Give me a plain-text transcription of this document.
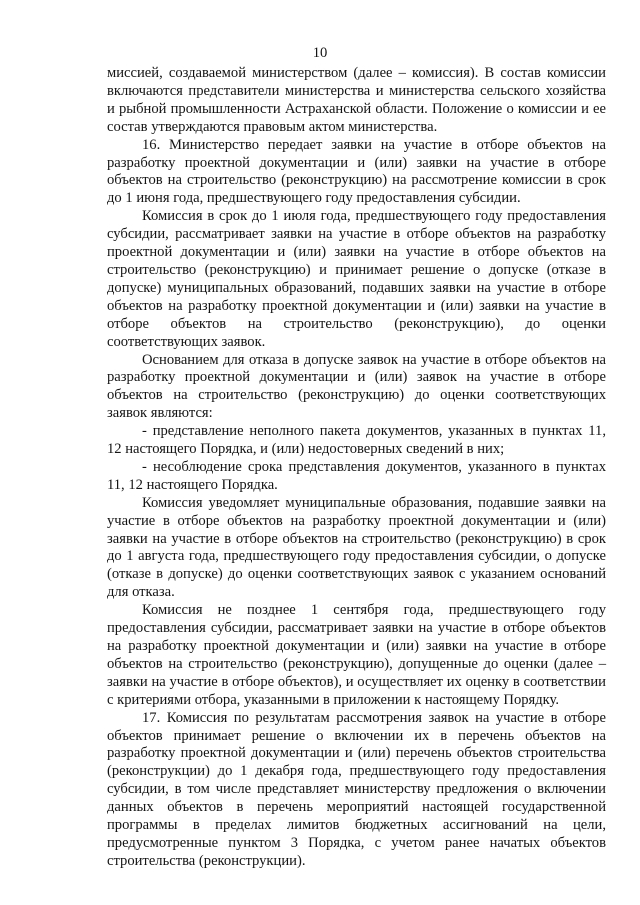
10

миссией, создаваемой министерством (далее – комиссия). В состав комиссии включаются представители министерства и министерства сельского хозяйства и рыбной промышленности Астраханской области. Положение о комиссии и ее состав утверждаются правовым актом министерства.

16. Министерство передает заявки на участие в отборе объектов на разработку проектной документации и (или) заявки на участие в отборе объектов на строительство (реконструкцию) на рассмотрение комиссии в срок до 1 июня года, предшествующего году предоставления субсидии.

Комиссия в срок до 1 июля года, предшествующего году предоставления субсидии, рассматривает заявки на участие в отборе объектов на разработку проектной документации и (или) заявки на участие в отборе объектов на строительство (реконструкцию) и принимает решение о допуске (отказе в допуске) муниципальных образований, подавших заявки на участие в отборе объектов на разработку проектной документации и (или) заявки на участие в отборе объектов на строительство (реконструкцию), до оценки соответствующих заявок.

Основанием для отказа в допуске заявок на участие в отборе объектов на разработку проектной документации и (или) заявок на участие в отборе объектов на строительство (реконструкцию) до оценки соответствующих заявок являются:

- представление неполного пакета документов, указанных в пунктах 11, 12 настоящего Порядка, и (или) недостоверных сведений в них;

- несоблюдение срока представления документов, указанного в пунктах 11, 12 настоящего Порядка.

Комиссия уведомляет муниципальные образования, подавшие заявки на участие в отборе объектов на разработку проектной документации и (или) заявки на участие в отборе объектов на строительство (реконструкцию) в срок до 1 августа года, предшествующего году предоставления субсидии, о допуске (отказе в допуске) до оценки соответствующих заявок с указанием оснований для отказа.

Комиссия не позднее 1 сентября года, предшествующего году предоставления субсидии, рассматривает заявки на участие в отборе объектов на разработку проектной документации и (или) заявки на участие в отборе объектов на строительство (реконструкцию), допущенные до оценки (далее – заявки на участие в отборе объектов), и осуществляет их оценку в соответствии с критериями отбора, указанными в приложении к настоящему Порядку.

17. Комиссия по результатам рассмотрения заявок на участие в отборе объектов принимает решение о включении их в перечень объектов на разработку проектной документации и (или) перечень объектов строительства (реконструкции) до 1 декабря года, предшествующего году предоставления субсидии, в том числе представляет министерству предложения о включении данных объектов в перечень мероприятий настоящей государственной программы в пределах лимитов бюджетных ассигнований на цели, предусмотренные пунктом 3 Порядка, с учетом ранее начатых объектов строительства (реконструкции).
